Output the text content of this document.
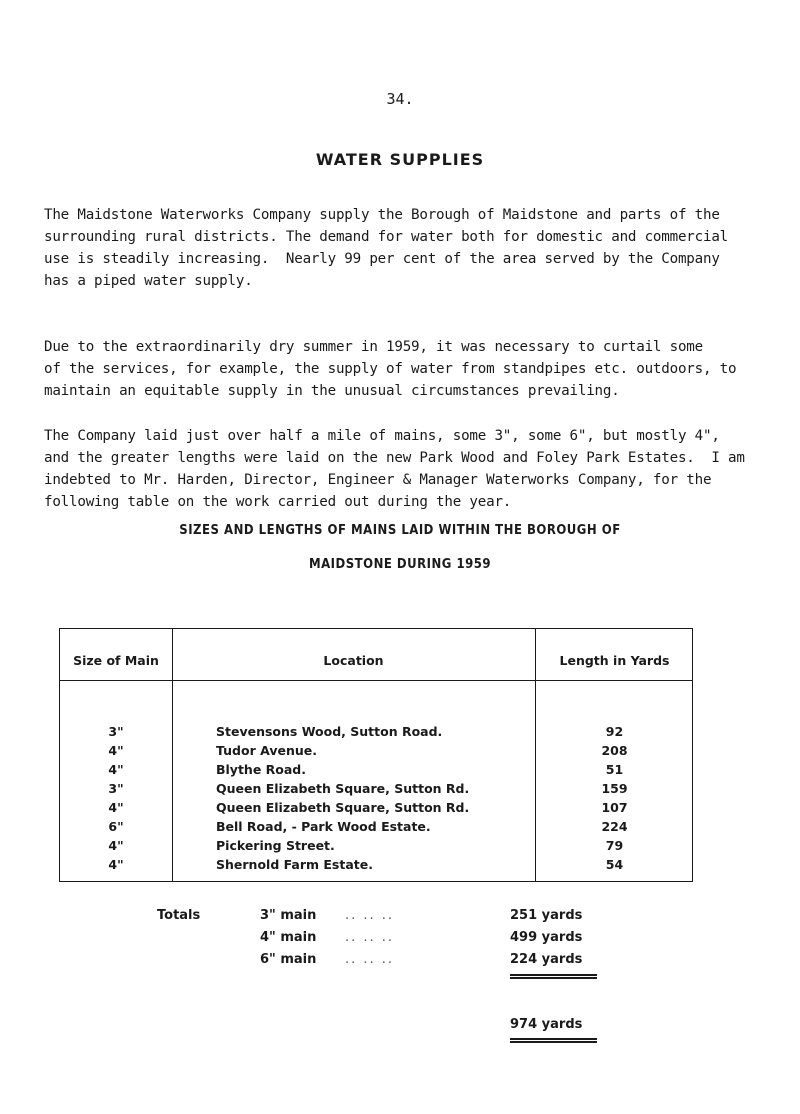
34.
WATER SUPPLIES

The Maidstone Waterworks Company supply the Borough of Maidstone and parts of the
surrounding rural districts. The demand for water both for domestic and commercial
use is steadily increasing.  Nearly 99 per cent of the area served by the Company
has a piped water supply.

Due to the extraordinarily dry summer in 1959, it was necessary to curtail some
of the services, for example, the supply of water from standpipes etc. outdoors, to
maintain an equitable supply in the unusual circumstances prevailing.

The Company laid just over half a mile of mains, some 3", some 6", but mostly 4",
and the greater lengths were laid on the new Park Wood and Foley Park Estates.  I am
indebted to Mr. Harden, Director, Engineer & Manager Waterworks Company, for the
following table on the work carried out during the year.

SIZES AND LENGTHS OF MAINS LAID WITHIN THE BOROUGH OF
MAIDSTONE DURING 1959
Size of Main	Location	Length in Yards
3"	Stevensons Wood, Sutton Road.	92
4"	Tudor Avenue.	208
4"	Blythe Road.	51
3"	Queen Elizabeth Square, Sutton Rd.	159
4"	Queen Elizabeth Square, Sutton Rd.	107
6"	Bell Road, - Park Wood Estate.	224
4"	Pickering Street.	79
4"	Shernold Farm Estate.	54
Totals	3" main .. .. ..	251 yards
4" main .. .. ..	499 yards
6" main .. .. ..	224 yards
974 yards
